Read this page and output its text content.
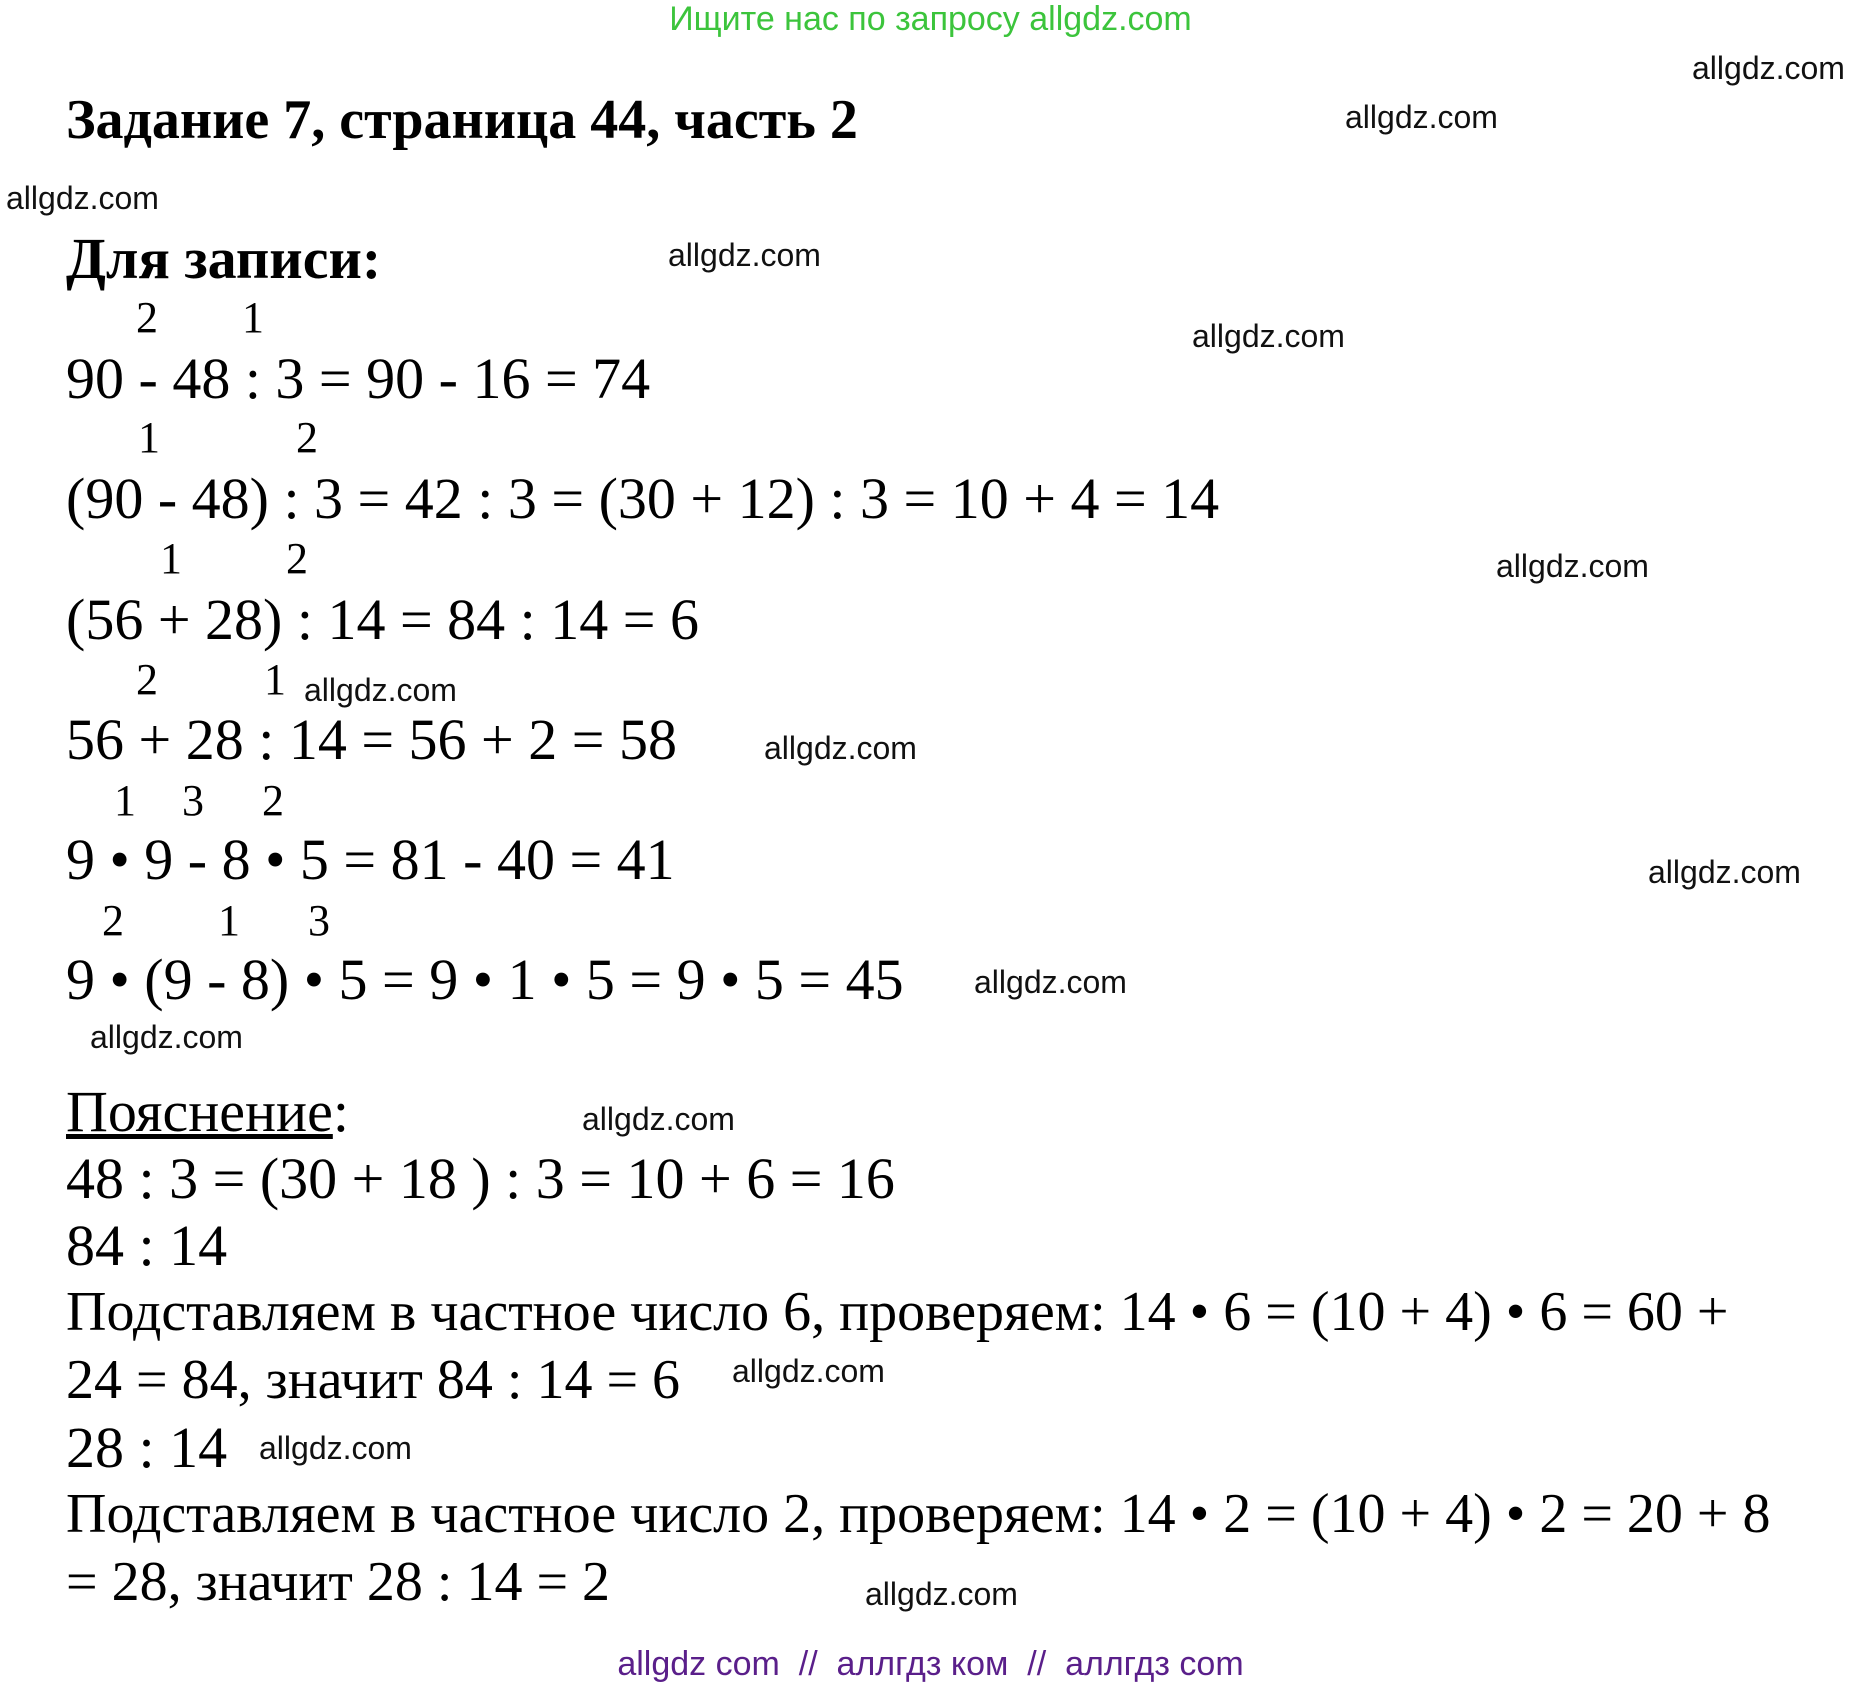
Ищите нас по запросу allgdz.com
Задание 7, страница 44, часть 2
Для записи:
2 1
90 - 48 : 3 = 90 - 16 = 74
1	2
(90 - 48) : 3 = 42 : 3 = (30 + 12) : 3 = 10 + 4 = 14
1 2
(56 + 28) : 14 = 84 : 14 = 6
2 1
56 + 28 : 14 = 56 + 2 = 58
1 3 2
9 • 9 - 8 • 5 = 81 - 40 = 41
2 1 3
9 • (9 - 8) • 5 = 9 • 1 • 5 = 9 • 5 = 45
Пояснение:
48 : 3 = (30 + 18 ) : 3 = 10 + 6 = 16
84 : 14
Подставляем в частное число 6, проверяем: 14 • 6 = (10 + 4) • 6 = 60 +
24 = 84, значит 84 : 14 = 6
28 : 14
Подставляем в частное число 2, проверяем: 14 • 2 = (10 + 4) • 2 = 20 + 8
= 28, значит 28 : 14 = 2
allgdz.com
allgdz.com
allgdz.com
allgdz.com
allgdz.com
allgdz.com
allgdz.com
allgdz.com
allgdz.com
allgdz.com
allgdz.com
allgdz.com
allgdz.com
allgdz.com
allgdz.com
allgdz com  //  аллгдз ком  //  аллгдз com
